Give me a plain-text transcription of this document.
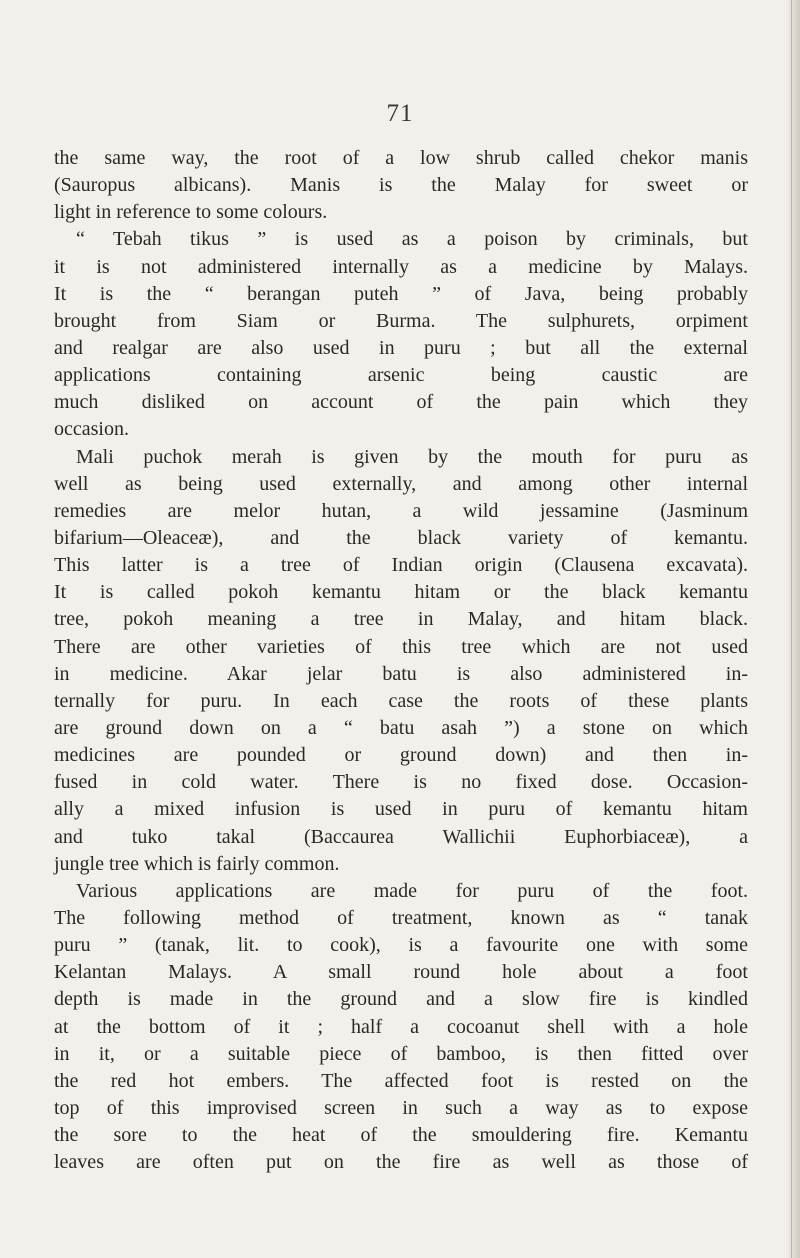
71
the same way, the root of a low shrub called chekor manis
(Sauropus albicans). Manis is the Malay for sweet or
light in reference to some colours.
“ Tebah tikus ” is used as a poison by criminals, but
it is not administered internally as a medicine by Malays.
It is the “ berangan puteh ” of Java, being probably
brought from Siam or Burma. The sulphurets, orpiment
and realgar are also used in puru ; but all the external
applications containing arsenic being caustic are
much disliked on account of the pain which they
occasion.
Mali puchok merah is given by the mouth for puru as
well as being used externally, and among other internal
remedies are melor hutan, a wild jessamine (Jasminum
bifarium—Oleaceæ), and the black variety of kemantu.
This latter is a tree of Indian origin (Clausena excavata).
It is called pokoh kemantu hitam or the black kemantu
tree, pokoh meaning a tree in Malay, and hitam black.
There are other varieties of this tree which are not used
in medicine. Akar jelar batu is also administered in-
ternally for puru. In each case the roots of these plants
are ground down on a “ batu asah ”) a stone on which
medicines are pounded or ground down) and then in-
fused in cold water. There is no fixed dose. Occasion-
ally a mixed infusion is used in puru of kemantu hitam
and tuko takal (Baccaurea Wallichii Euphorbiaceæ), a
jungle tree which is fairly common.
Various applications are made for puru of the foot.
The following method of treatment, known as “ tanak
puru ” (tanak, lit. to cook), is a favourite one with some
Kelantan Malays. A small round hole about a foot
depth is made in the ground and a slow fire is kindled
at the bottom of it ; half a cocoanut shell with a hole
in it, or a suitable piece of bamboo, is then fitted over
the red hot embers. The affected foot is rested on the
top of this improvised screen in such a way as to expose
the sore to the heat of the smouldering fire. Kemantu
leaves are often put on the fire as well as those of
